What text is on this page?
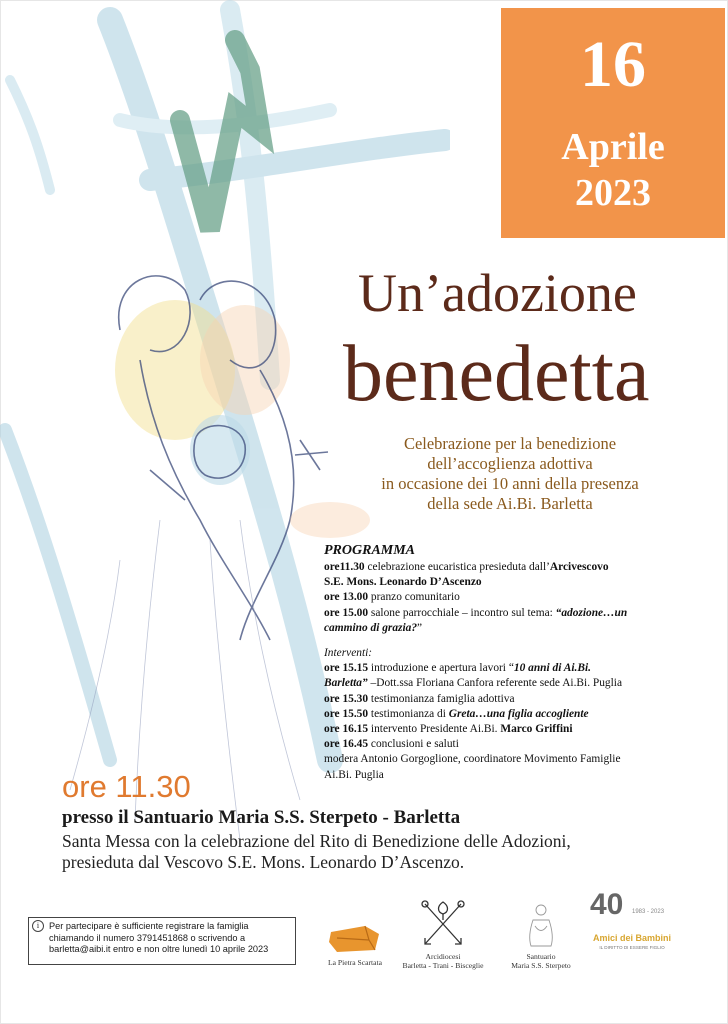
16
Aprile
2023
Un’adozione
benedetta
Celebrazione per la benedizione
dell’accoglienza adottiva
in occasione dei 10 anni della presenza
della sede Ai.Bi. Barletta
PROGRAMMA
ore11.30 celebrazione eucaristica presieduta dall’Arcivescovo
S.E. Mons. Leonardo D’Ascenzo
ore 13.00 pranzo comunitario
ore 15.00 salone parrocchiale – incontro sul tema: “adozione…un
cammino di grazia?”
Interventi:
ore 15.15 introduzione e apertura lavori “10 anni di Ai.Bi.
Barletta” –Dott.ssa Floriana Canfora referente sede Ai.Bi. Puglia
ore 15.30 testimonianza famiglia adottiva
ore 15.50 testimonianza di Greta…una figlia accogliente
ore 16.15 intervento Presidente Ai.Bi. Marco Griffini
ore 16.45 conclusioni e saluti
modera Antonio Gorgoglione, coordinatore Movimento Famiglie
Ai.Bi. Puglia
ore 11.30
presso il Santuario Maria S.S. Sterpeto - Barletta
Santa Messa con la celebrazione del Rito di Benedizione delle Adozioni,
presieduta dal Vescovo S.E. Mons. Leonardo D’Ascenzo.
i	Per partecipare è sufficiente registrare la famiglia
chiamando il numero 3791451868 o scrivendo a
barletta@aibi.it entro e non oltre lunedì 10 aprile 2023
La Pietra Scartata
Arcidiocesi
Barletta - Trani - Bisceglie
Santuario
Maria S.S. Sterpeto
40 1983 - 2023
Amici dei Bambini
IL DIRITTO DI ESSERE FIGLIO
